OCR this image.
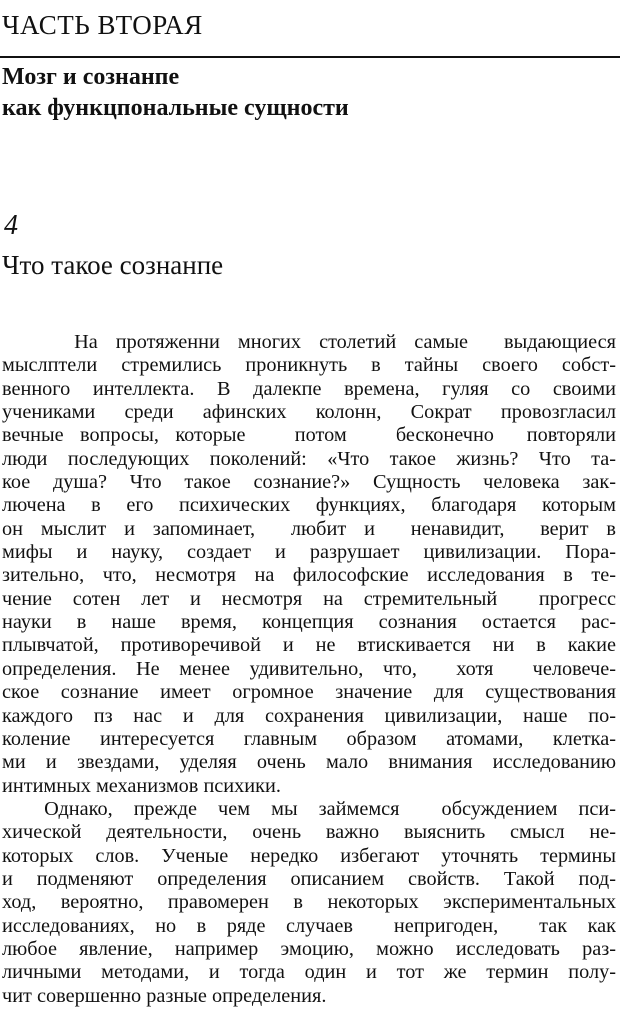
ЧАСТЬ ВТОРАЯ
Мозг и сознанпе
как функцпональные сущности
4
Что такое сознанпе
На протяженни многих столетий самые  выдающиеся
мыслптели стремились проникнуть в тайны своего собст-
венного интеллекта. В далекпе времена, гуляя со своими
учениками среди афинских колонн, Сократ провозгласил
вечные вопросы, которые   потом   бесконечно  повторяли
люди последующих поколений: «Что такое жизнь? Что та-
кое душа? Что такое сознание?» Сущность человека зак-
лючена в его психических функциях, благодаря которым
он мыслит и запоминает,  любит и  ненавидит,  верит в
мифы и науку, создает и разрушает цивилизации. Пора-
зительно, что, несмотря на философские исследования в те-
чение сотен лет и несмотря на стремительный  прогресс
науки в наше время, концепция сознания остается рас-
плывчатой, противоречивой и не втискивается ни в какие
определения. Не менее удивительно, что,  хотя  человече-
ское сознание имеет огромное значение для существования
каждого пз нас и для сохранения цивилизации, наше по-
коление интересуется главным образом атомами, клетка-
ми и звездами, уделяя очень мало внимания исследованию
интимных механизмов психики.
Однако, прежде чем мы займемся  обсуждением пси-
хической деятельности, очень важно выяснить смысл не-
которых слов. Ученые нередко избегают уточнять термины
и подменяют определения описанием свойств. Такой под-
ход, вероятно, правомерен в некоторых экспериментальных
исследованиях, но в ряде случаев  непригоден,  так как
любое явление, например эмоцию, можно исследовать раз-
личными методами, и тогда один и тот же термин полу-
чит совершенно разные определения.
